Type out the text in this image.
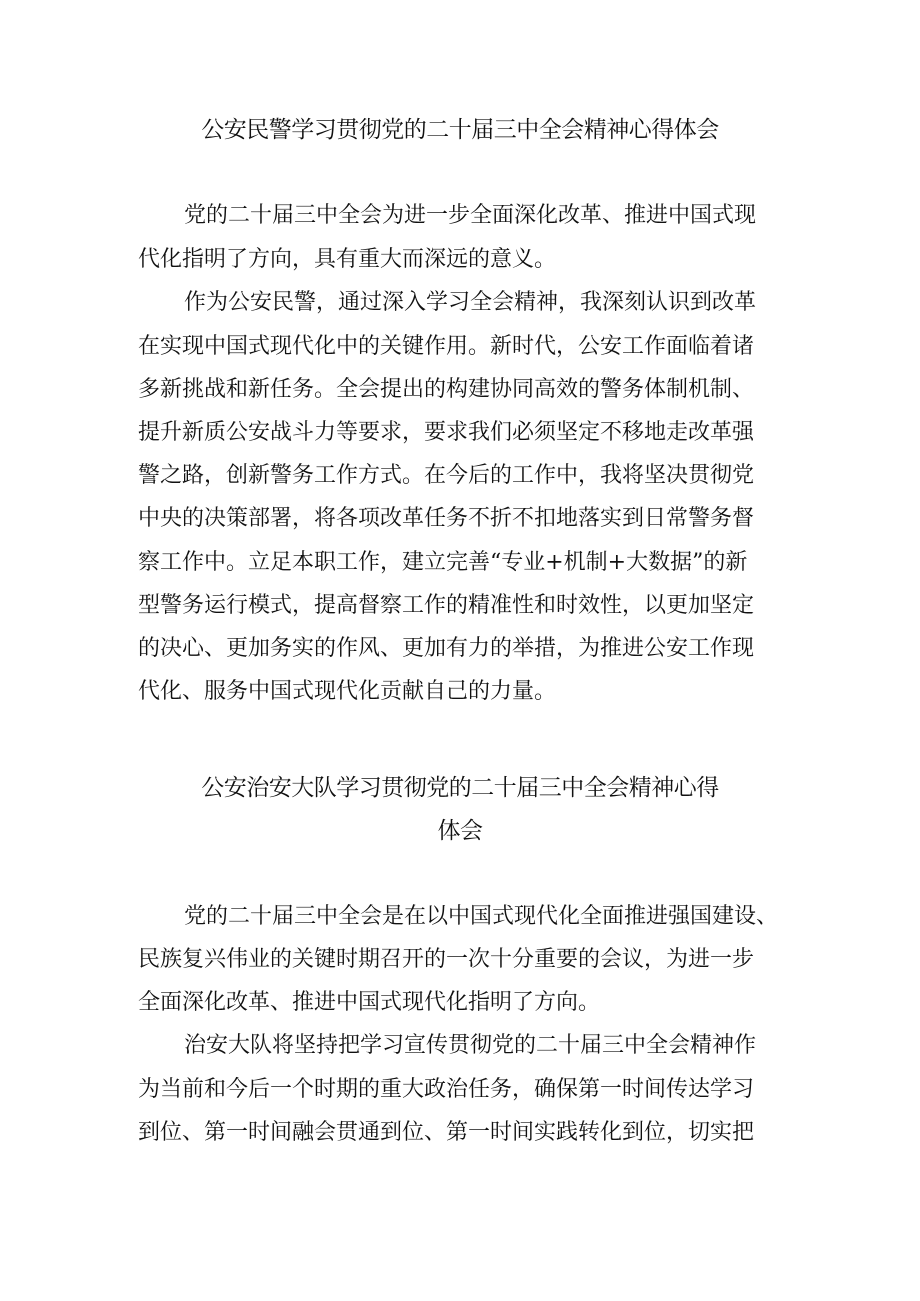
公安民警学习贯彻党的二十届三中全会精神心得体会
党的二十届三中全会为进一步全面深化改革、推进中国式现
代化指明了方向，具有重大而深远的意义。
作为公安民警，通过深入学习全会精神，我深刻认识到改革
在实现中国式现代化中的关键作用。新时代，公安工作面临着诸
多新挑战和新任务。全会提出的构建协同高效的警务体制机制、
提升新质公安战斗力等要求，要求我们必须坚定不移地走改革强
警之路，创新警务工作方式。在今后的工作中，我将坚决贯彻党
中央的决策部署，将各项改革任务不折不扣地落实到日常警务督
察工作中。立足本职工作，建立完善“专业+机制+大数据”的新
型警务运行模式，提高督察工作的精准性和时效性，以更加坚定
的决心、更加务实的作风、更加有力的举措，为推进公安工作现
代化、服务中国式现代化贡献自己的力量。
公安治安大队学习贯彻党的二十届三中全会精神心得
体会
党的二十届三中全会是在以中国式现代化全面推进强国建设、
民族复兴伟业的关键时期召开的一次十分重要的会议，为进一步
全面深化改革、推进中国式现代化指明了方向。
治安大队将坚持把学习宣传贯彻党的二十届三中全会精神作
为当前和今后一个时期的重大政治任务，确保第一时间传达学习
到位、第一时间融会贯通到位、第一时间实践转化到位，切实把
